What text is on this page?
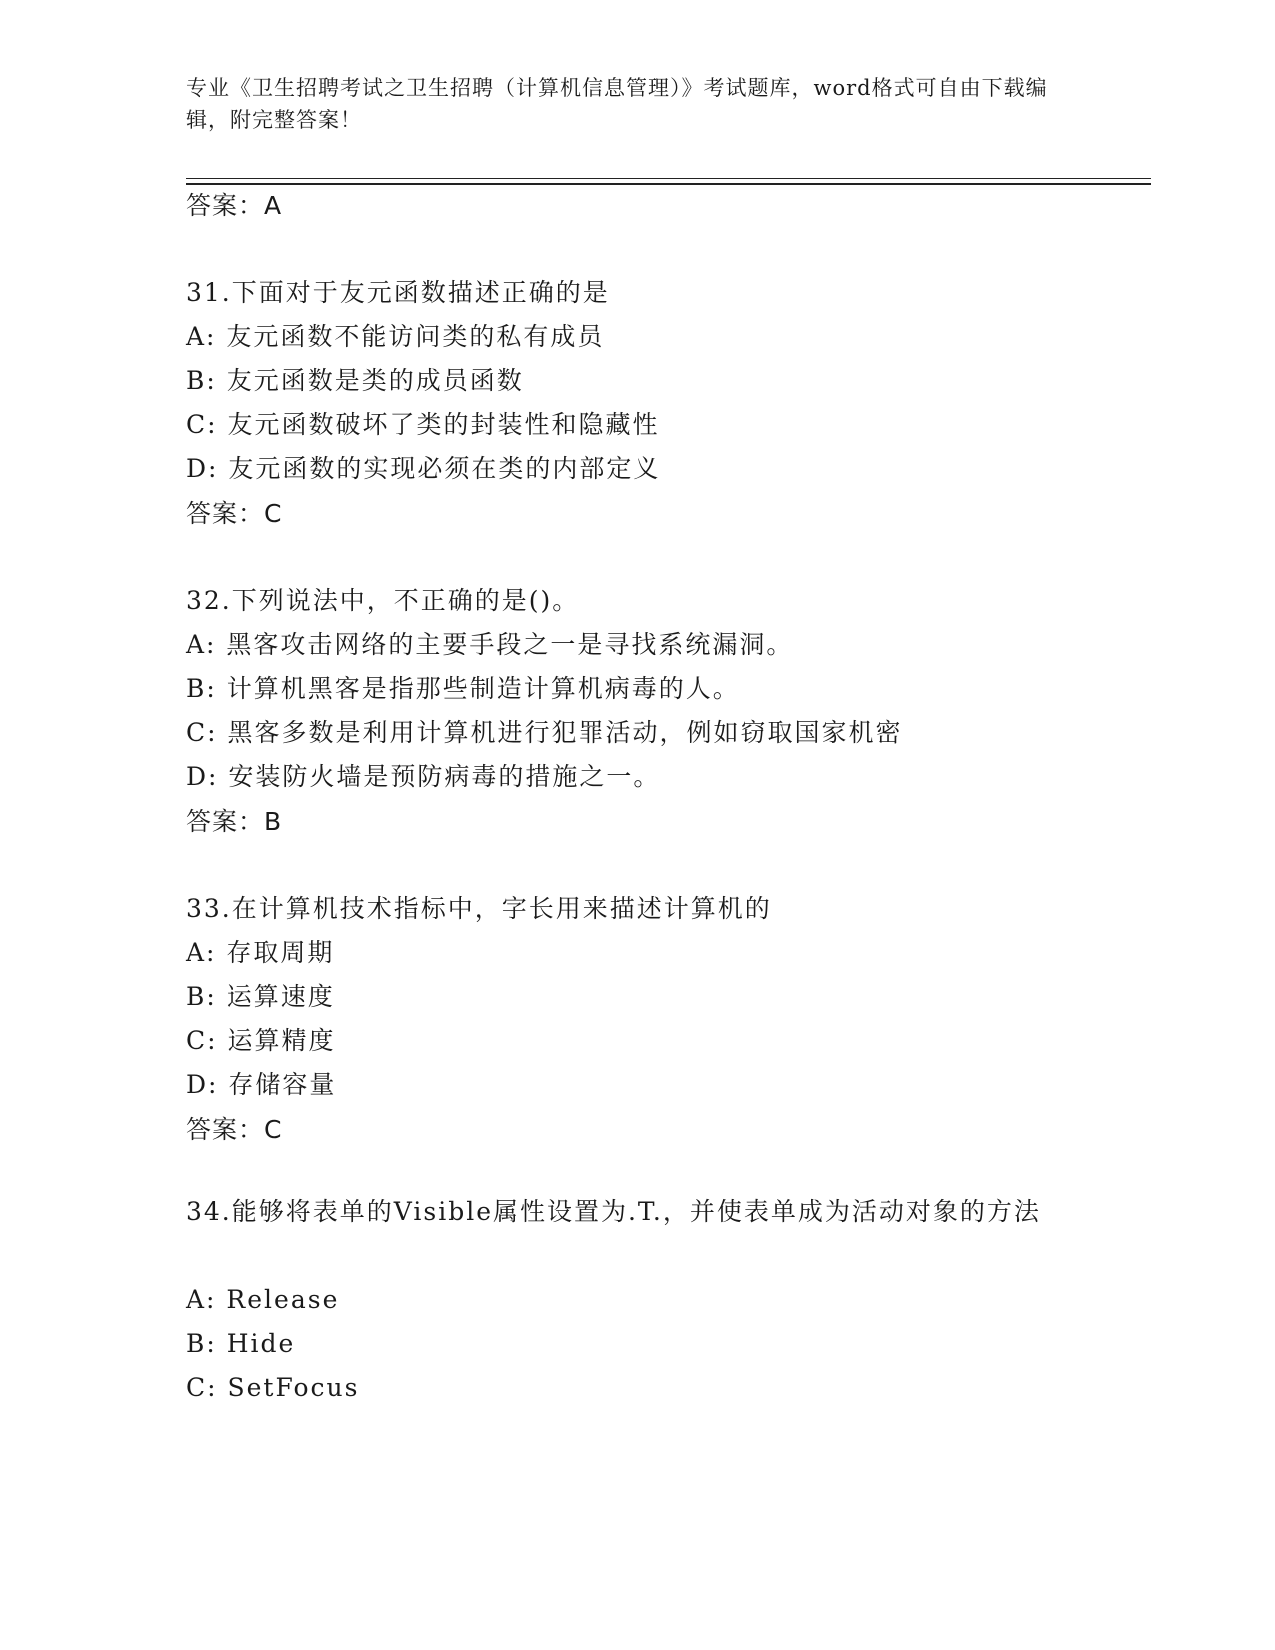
专业《卫生招聘考试之卫生招聘（计算机信息管理）》考试题库，word格式可自由下载编辑，附完整答案！
答案：A
31.下面对于友元函数描述正确的是
A: 友元函数不能访问类的私有成员
B: 友元函数是类的成员函数
C: 友元函数破坏了类的封装性和隐藏性
D: 友元函数的实现必须在类的内部定义
答案：C
32.下列说法中，不正确的是()。
A: 黑客攻击网络的主要手段之一是寻找系统漏洞。
B: 计算机黑客是指那些制造计算机病毒的人。
C: 黑客多数是利用计算机进行犯罪活动，例如窃取国家机密
D: 安装防火墙是预防病毒的措施之一。
答案：B
33.在计算机技术指标中，字长用来描述计算机的
A: 存取周期
B: 运算速度
C: 运算精度
D: 存储容量
答案：C
34.能够将表单的Visible属性设置为.T.，并使表单成为活动对象的方法
A: Release
B: Hide
C: SetFocus
